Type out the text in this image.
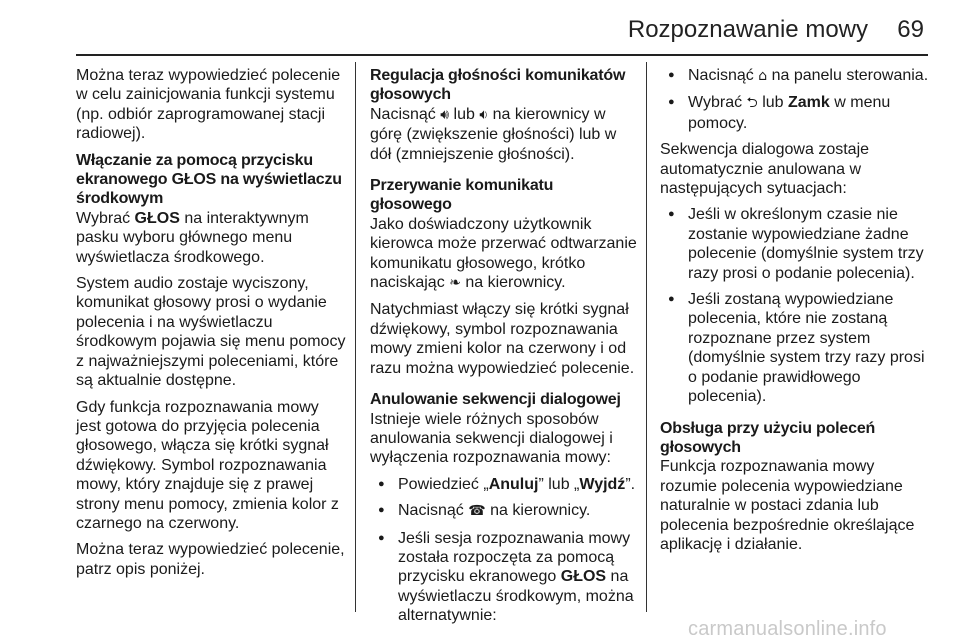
Rozpoznawanie mowy 69

Można teraz wypowiedzieć polecenie w celu zainicjowania funkcji systemu (np. odbiór zaprogramowanej stacji radiowej).

Włączanie za pomocą przycisku ekranowego GŁOS na wyświetlaczu środkowym

Wybrać GŁOS na interaktywnym pasku wyboru głównego menu wyświetlacza środkowego.

System audio zostaje wyciszony, komunikat głosowy prosi o wydanie polecenia i na wyświetlaczu środkowym pojawia się menu pomocy z najważniejszymi poleceniami, które są aktualnie dostępne.

Gdy funkcja rozpoznawania mowy jest gotowa do przyjęcia polecenia głosowego, włącza się krótki sygnał dźwiękowy. Symbol rozpoznawania mowy, który znajduje się z prawej strony menu pomocy, zmienia kolor z czarnego na czerwony.

Można teraz wypowiedzieć polecenie, patrz opis poniżej.

Regulacja głośności komunikatów głosowych

Nacisnąć 🔊︎ lub 🔉︎ na kierownicy w górę (zwiększenie głośności) lub w dół (zmniejszenie głośności).

Przerywanie komunikatu głosowego

Jako doświadczony użytkownik kierowca może przerwać odtwarzanie komunikatu głosowego, krótko naciskając ❧ na kierownicy.

Natychmiast włączy się krótki sygnał dźwiękowy, symbol rozpoznawania mowy zmieni kolor na czerwony i od razu można wypowiedzieć polecenie.

Anulowanie sekwencji dialogowej

Istnieje wiele różnych sposobów anulowania sekwencji dialogowej i wyłączenia rozpoznawania mowy:

● Powiedzieć „Anuluj” lub „Wyjdź”.
● Nacisnąć ☎︎ na kierownicy.
● Jeśli sesja rozpoznawania mowy została rozpoczęta za pomocą przycisku ekranowego GŁOS na wyświetlaczu środkowym, można alternatywnie:
● Nacisnąć ⌂ na panelu sterowania.
● Wybrać ⮌ lub Zamk w menu pomocy.

Sekwencja dialogowa zostaje automatycznie anulowana w następujących sytuacjach:

● Jeśli w określonym czasie nie zostanie wypowiedziane żadne polecenie (domyślnie system trzy razy prosi o podanie polecenia).
● Jeśli zostaną wypowiedziane polecenia, które nie zostaną rozpoznane przez system (domyślnie system trzy razy prosi o podanie prawidłowego polecenia).

Obsługa przy użyciu poleceń głosowych

Funkcja rozpoznawania mowy rozumie polecenia wypowiedziane naturalnie w postaci zdania lub polecenia bezpośrednie określające aplikację i działanie.

carmanualsonline.info
